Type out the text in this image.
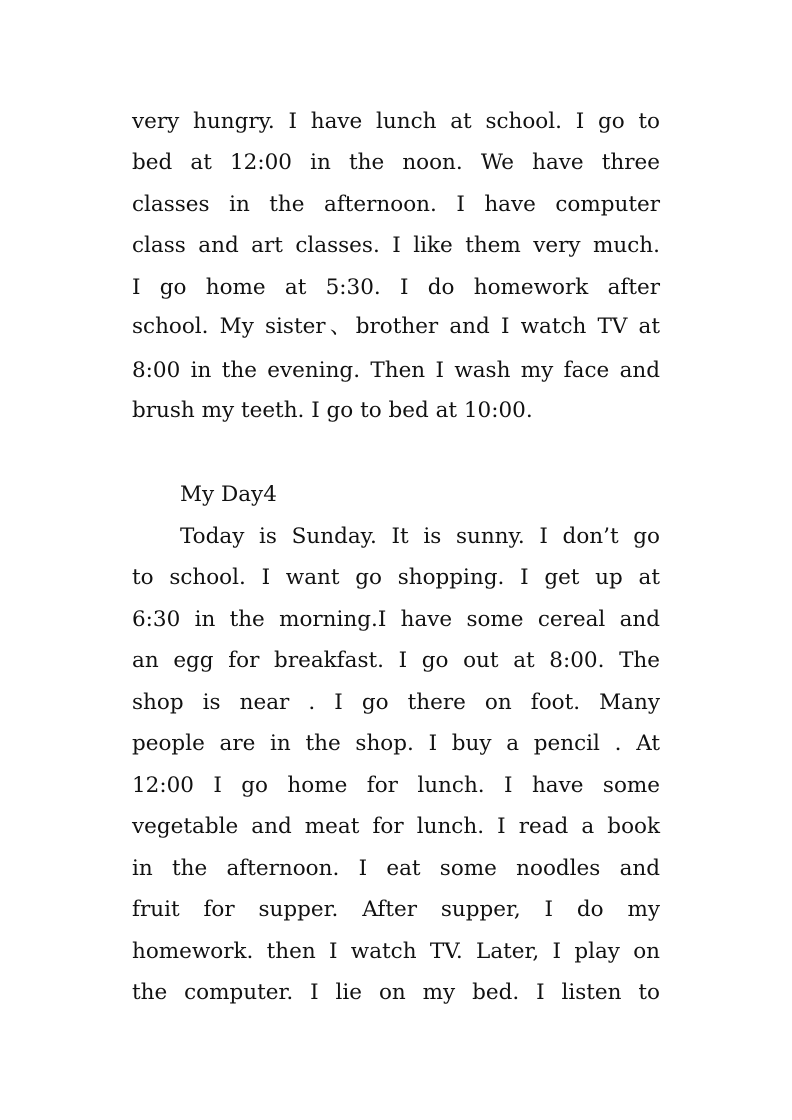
very hungry. I have lunch at school. I go to
bed at 12:00 in the noon. We have three
classes in the afternoon. I have computer
class and art classes. I like them very much.
I go home at 5:30. I do homework after
school. My sister、brother and I watch TV at
8:00 in the evening. Then I wash my face and
brush my teeth. I go to bed at 10:00.
My Day4
Today is Sunday. It is sunny. I don’t go
to school. I want go shopping. I get up at
6:30 in the morning.I have some cereal and
an egg for breakfast. I go out at 8:00. The
shop is near . I go there on foot. Many
people are in the shop. I buy a pencil . At
12:00 I go home for lunch. I have some
vegetable and meat for lunch. I read a book
in the afternoon. I eat some noodles and
fruit for supper. After supper, I do my
homework. then I watch TV. Later, I play on
the computer. I lie on my bed. I listen to
